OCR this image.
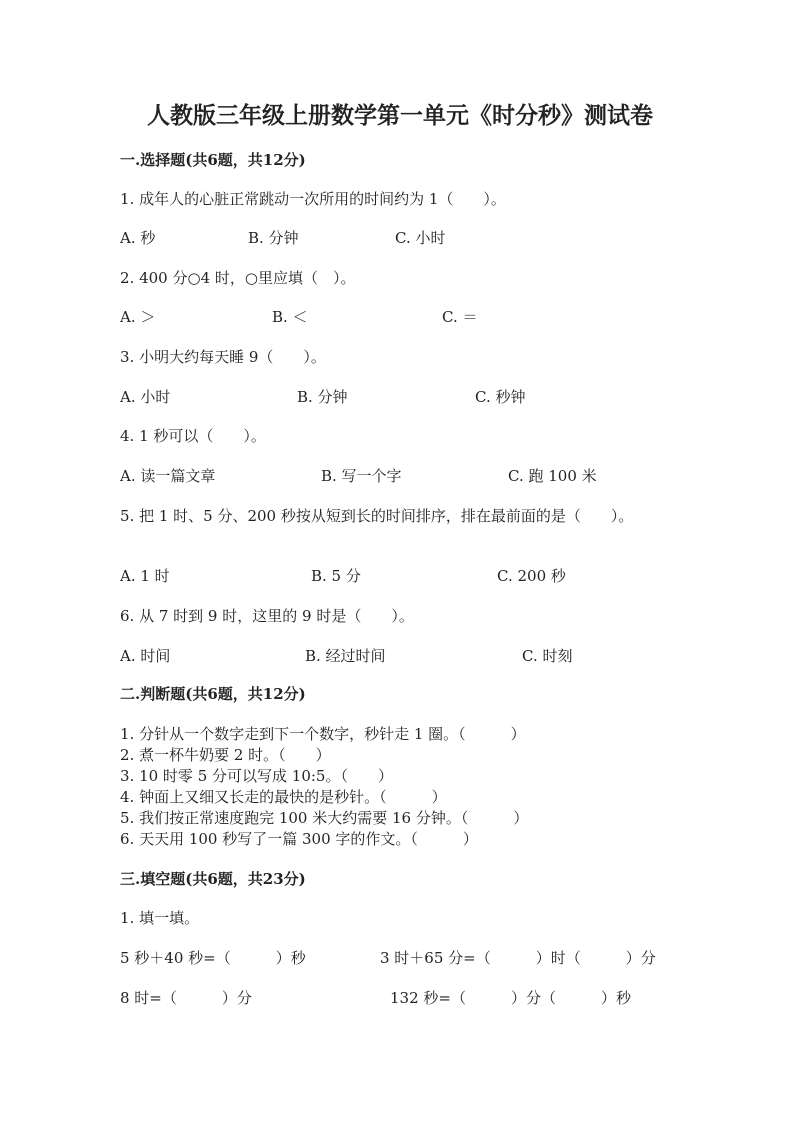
人教版三年级上册数学第一单元《时分秒》测试卷
一.选择题(共6题，共12分)
1. 成年人的心脏正常跳动一次所用的时间约为 1（　　）。
A. 秒	B. 分钟	C. 小时
2. 400 分○4 时，○里应填（　）。
A. ＞	B. ＜	C. ＝
3. 小明大约每天睡 9（　　）。
A. 小时	B. 分钟	C. 秒钟
4. 1 秒可以（　　）。
A. 读一篇文章	B. 写一个字	C. 跑 100 米
5. 把 1 时、5 分、200 秒按从短到长的时间排序，排在最前面的是（　　）。
A. 1 时	B. 5 分	C. 200 秒
6. 从 7 时到 9 时，这里的 9 时是（　　）。
A. 时间	B. 经过时间	C. 时刻
二.判断题(共6题，共12分)
1. 分针从一个数字走到下一个数字，秒针走 1 圈。（　　　）
2. 煮一杯牛奶要 2 时。（　　）
3. 10 时零 5 分可以写成 10:5。（　　）
4. 钟面上又细又长走的最快的是秒针。（　　　）
5. 我们按正常速度跑完 100 米大约需要 16 分钟。（　　　）
6. 天天用 100 秒写了一篇 300 字的作文。（　　　）
三.填空题(共6题，共23分)
1. 填一填。
5 秒＋40 秒=（　　　）秒	3 时＋65 分=（　　　）时（　　　）分
8 时=（　　　）分	132 秒=（　　　）分（　　　）秒
